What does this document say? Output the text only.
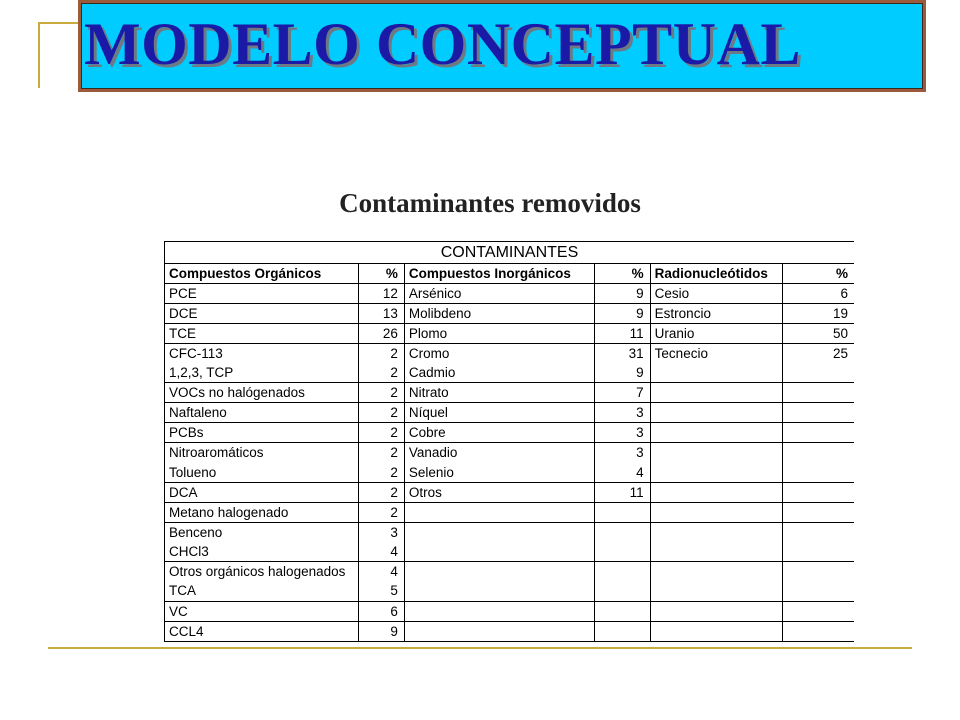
MODELO CONCEPTUAL
Contaminantes removidos
CONTAMINANTES
Compuestos Orgánicos	%	Compuestos Inorgánicos	%	Radionucleótidos	%
PCE	12	Arsénico	9	Cesio	6
DCE	13	Molibdeno	9	Estroncio	19
TCE	26	Plomo	11	Uranio	50
CFC-113	2	Cromo	31	Tecnecio	25
1,2,3, TCP	2	Cadmio	9		
VOCs no halógenados	2	Nitrato	7		
Naftaleno	2	Níquel	3		
PCBs	2	Cobre	3		
Nitroaromáticos	2	Vanadio	3		
Tolueno	2	Selenio	4		
DCA	2	Otros	11		
Metano halogenado	2				
Benceno	3				
CHCl3	4				
Otros orgánicos halogenados	4				
TCA	5				
VC	6				
CCL4	9				
